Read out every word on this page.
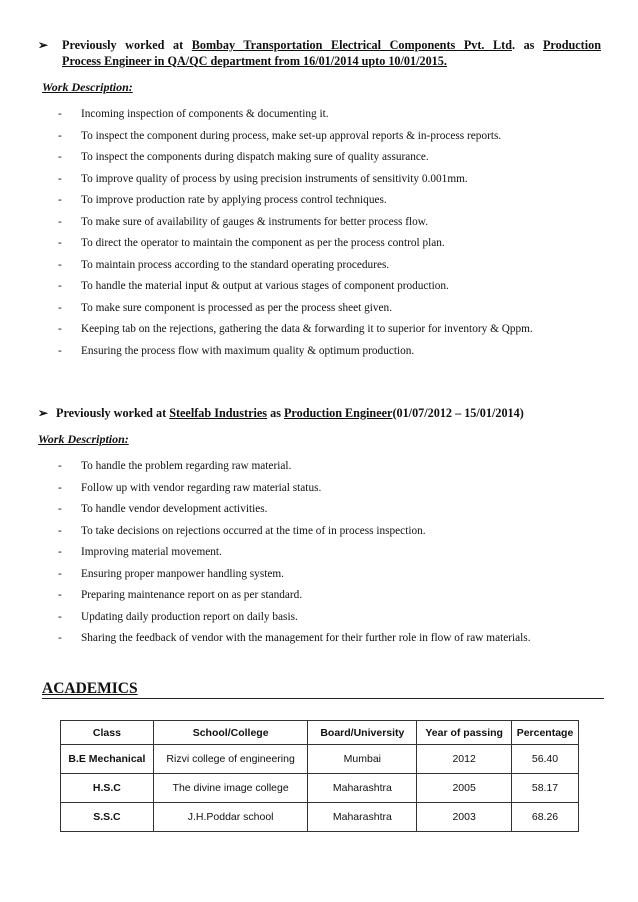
➢ Previously worked at Bombay Transportation Electrical Components Pvt. Ltd. as Production
Process Engineer in QA/QC department from 16/01/2014 upto 10/01/2015.
Work Description:
- Incoming inspection of components & documenting it.
- To inspect the component during process, make set-up approval reports & in-process reports.
- To inspect the components during dispatch making sure of quality assurance.
- To improve quality of process by using precision instruments of sensitivity 0.001mm.
- To improve production rate by applying process control techniques.
- To make sure of availability of gauges & instruments for better process flow.
- To direct the operator to maintain the component as per the process control plan.
- To maintain process according to the standard operating procedures.
- To handle the material input & output at various stages of component production.
- To make sure component is processed as per the process sheet given.
- Keeping tab on the rejections, gathering the data & forwarding it to superior for inventory & Qppm.
- Ensuring the process flow with maximum quality & optimum production.
➢ Previously worked at Steelfab Industries as Production Engineer(01/07/2012 – 15/01/2014)
Work Description:
- To handle the problem regarding raw material.
- Follow up with vendor regarding raw material status.
- To handle vendor development activities.
- To take decisions on rejections occurred at the time of in process inspection.
- Improving material movement.
- Ensuring proper manpower handling system.
- Preparing maintenance report on as per standard.
- Updating daily production report on daily basis.
- Sharing the feedback of vendor with the management for their further role in flow of raw materials.
ACADEMICS
Class	School/College	Board/University	Year of passing	Percentage
B.E Mechanical	Rizvi college of engineering	Mumbai	2012	56.40
H.S.C	The divine image college	Maharashtra	2005	58.17
S.S.C	J.H.Poddar school	Maharashtra	2003	68.26
